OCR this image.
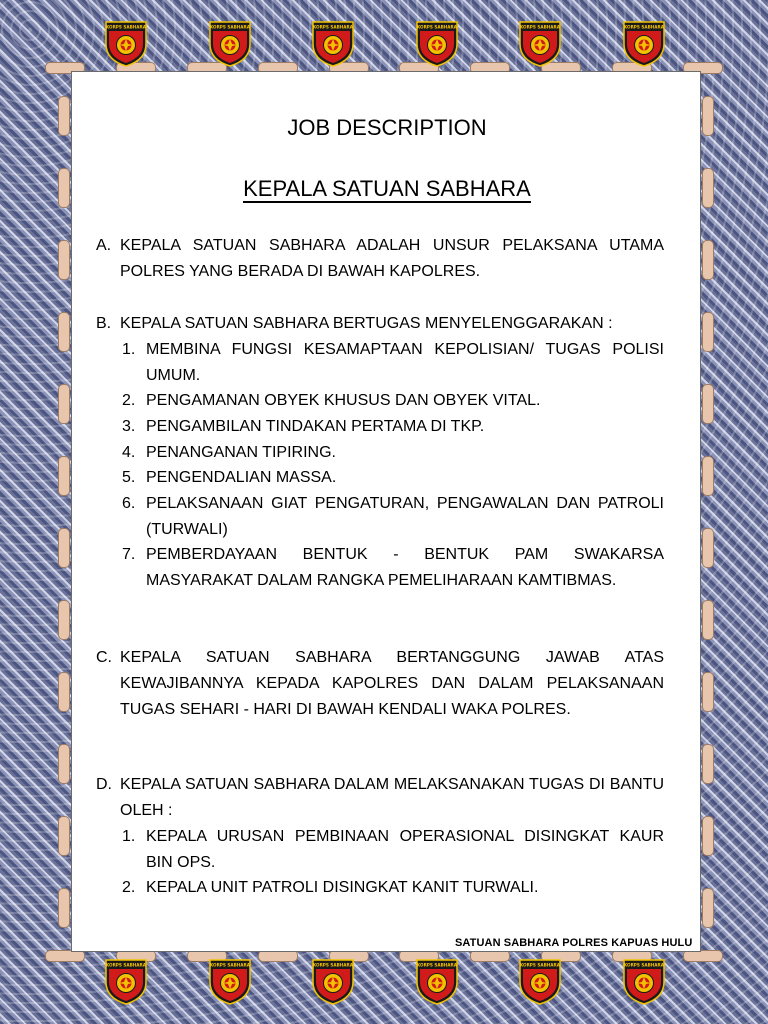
KORPS SABHARA	KORPS SABHARA	KORPS SABHARA	KORPS SABHARA	KORPS SABHARA	KORPS SABHARA
KORPS SABHARA	KORPS SABHARA	KORPS SABHARA	KORPS SABHARA	KORPS SABHARA	KORPS SABHARA
JOB DESCRIPTION
KEPALA SATUAN SABHARA
A. KEPALA SATUAN SABHARA ADALAH UNSUR PELAKSANA UTAMA POLRES YANG BERADA DI BAWAH KAPOLRES.
B. KEPALA SATUAN SABHARA BERTUGAS MENYELENGGARAKAN :
1. MEMBINA FUNGSI KESAMAPTAAN KEPOLISIAN/ TUGAS POLISI UMUM.
2. PENGAMANAN OBYEK KHUSUS DAN OBYEK VITAL.
3. PENGAMBILAN TINDAKAN PERTAMA DI TKP.
4. PENANGANAN TIPIRING.
5. PENGENDALIAN MASSA.
6. PELAKSANAAN GIAT PENGATURAN, PENGAWALAN DAN PATROLI (TURWALI)
7. PEMBERDAYAAN BENTUK - BENTUK PAM SWAKARSA MASYARAKAT DALAM RANGKA PEMELIHARAAN KAMTIBMAS.
C. KEPALA SATUAN SABHARA BERTANGGUNG JAWAB ATAS KEWAJIBANNYA KEPADA KAPOLRES DAN DALAM PELAKSANAAN TUGAS SEHARI - HARI DI BAWAH KENDALI WAKA POLRES.
D. KEPALA SATUAN SABHARA DALAM MELAKSANAKAN TUGAS DI BANTU OLEH :
1. KEPALA URUSAN PEMBINAAN OPERASIONAL DISINGKAT KAUR BIN OPS.
2. KEPALA UNIT PATROLI DISINGKAT KANIT TURWALI.
SATUAN SABHARA POLRES KAPUAS HULU
